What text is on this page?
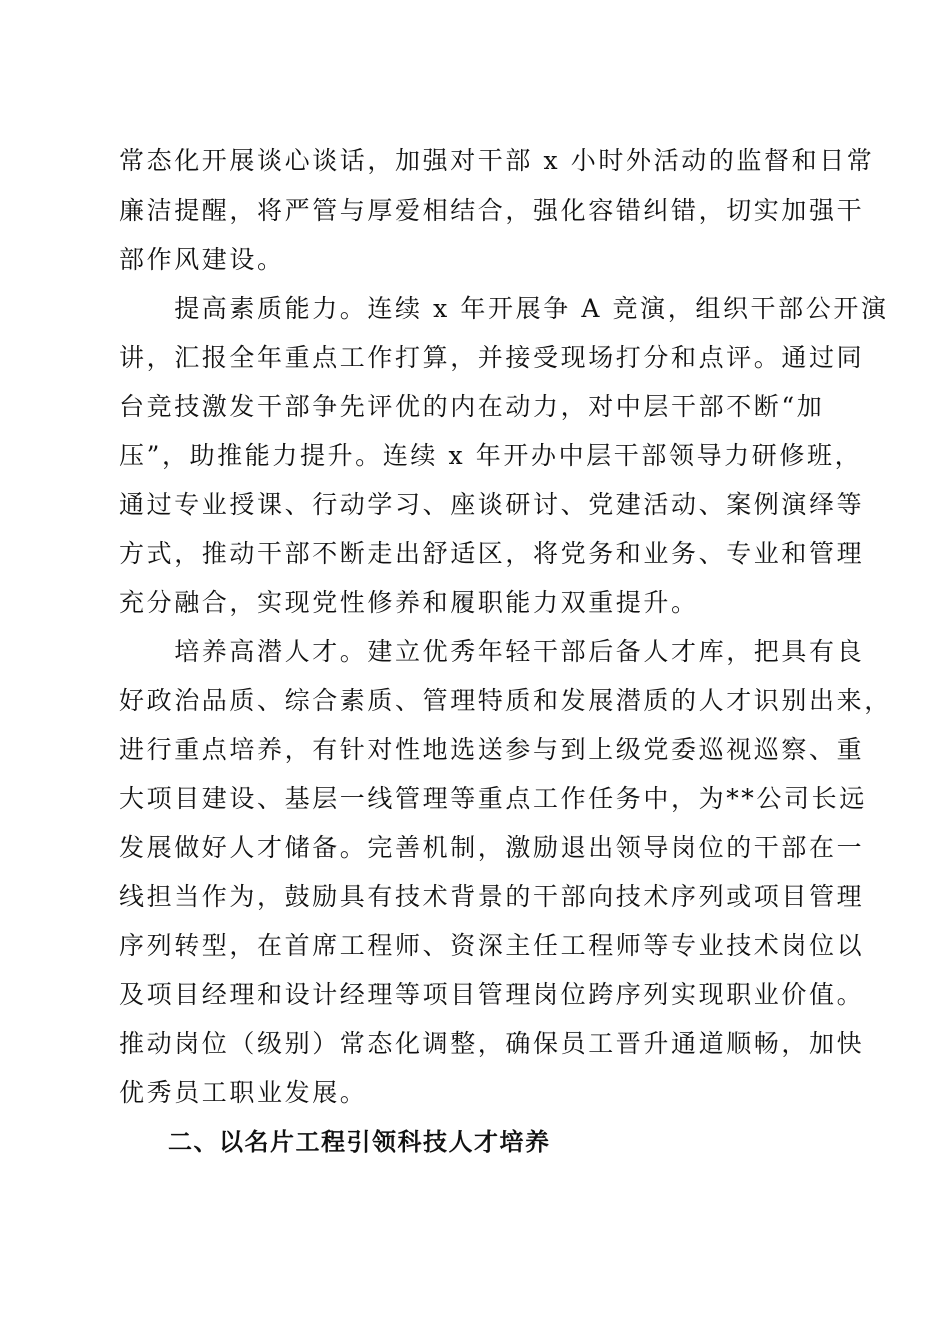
常态化开展谈心谈话，加强对干部 x 小时外活动的监督和日常
廉洁提醒，将严管与厚爱相结合，强化容错纠错，切实加强干
部作风建设。
　　提高素质能力。连续 x 年开展争 A 竞演，组织干部公开演
讲，汇报全年重点工作打算，并接受现场打分和点评。通过同
台竞技激发干部争先评优的内在动力，对中层干部不断“加
压”，助推能力提升。连续 x 年开办中层干部领导力研修班，
通过专业授课、行动学习、座谈研讨、党建活动、案例演绎等
方式，推动干部不断走出舒适区，将党务和业务、专业和管理
充分融合，实现党性修养和履职能力双重提升。
　　培养高潜人才。建立优秀年轻干部后备人才库，把具有良
好政治品质、综合素质、管理特质和发展潜质的人才识别出来，
进行重点培养，有针对性地选送参与到上级党委巡视巡察、重
大项目建设、基层一线管理等重点工作任务中，为**公司长远
发展做好人才储备。完善机制，激励退出领导岗位的干部在一
线担当作为，鼓励具有技术背景的干部向技术序列或项目管理
序列转型，在首席工程师、资深主任工程师等专业技术岗位以
及项目经理和设计经理等项目管理岗位跨序列实现职业价值。
推动岗位（级别）常态化调整，确保员工晋升通道顺畅，加快
优秀员工职业发展。
二、以名片工程引领科技人才培养
